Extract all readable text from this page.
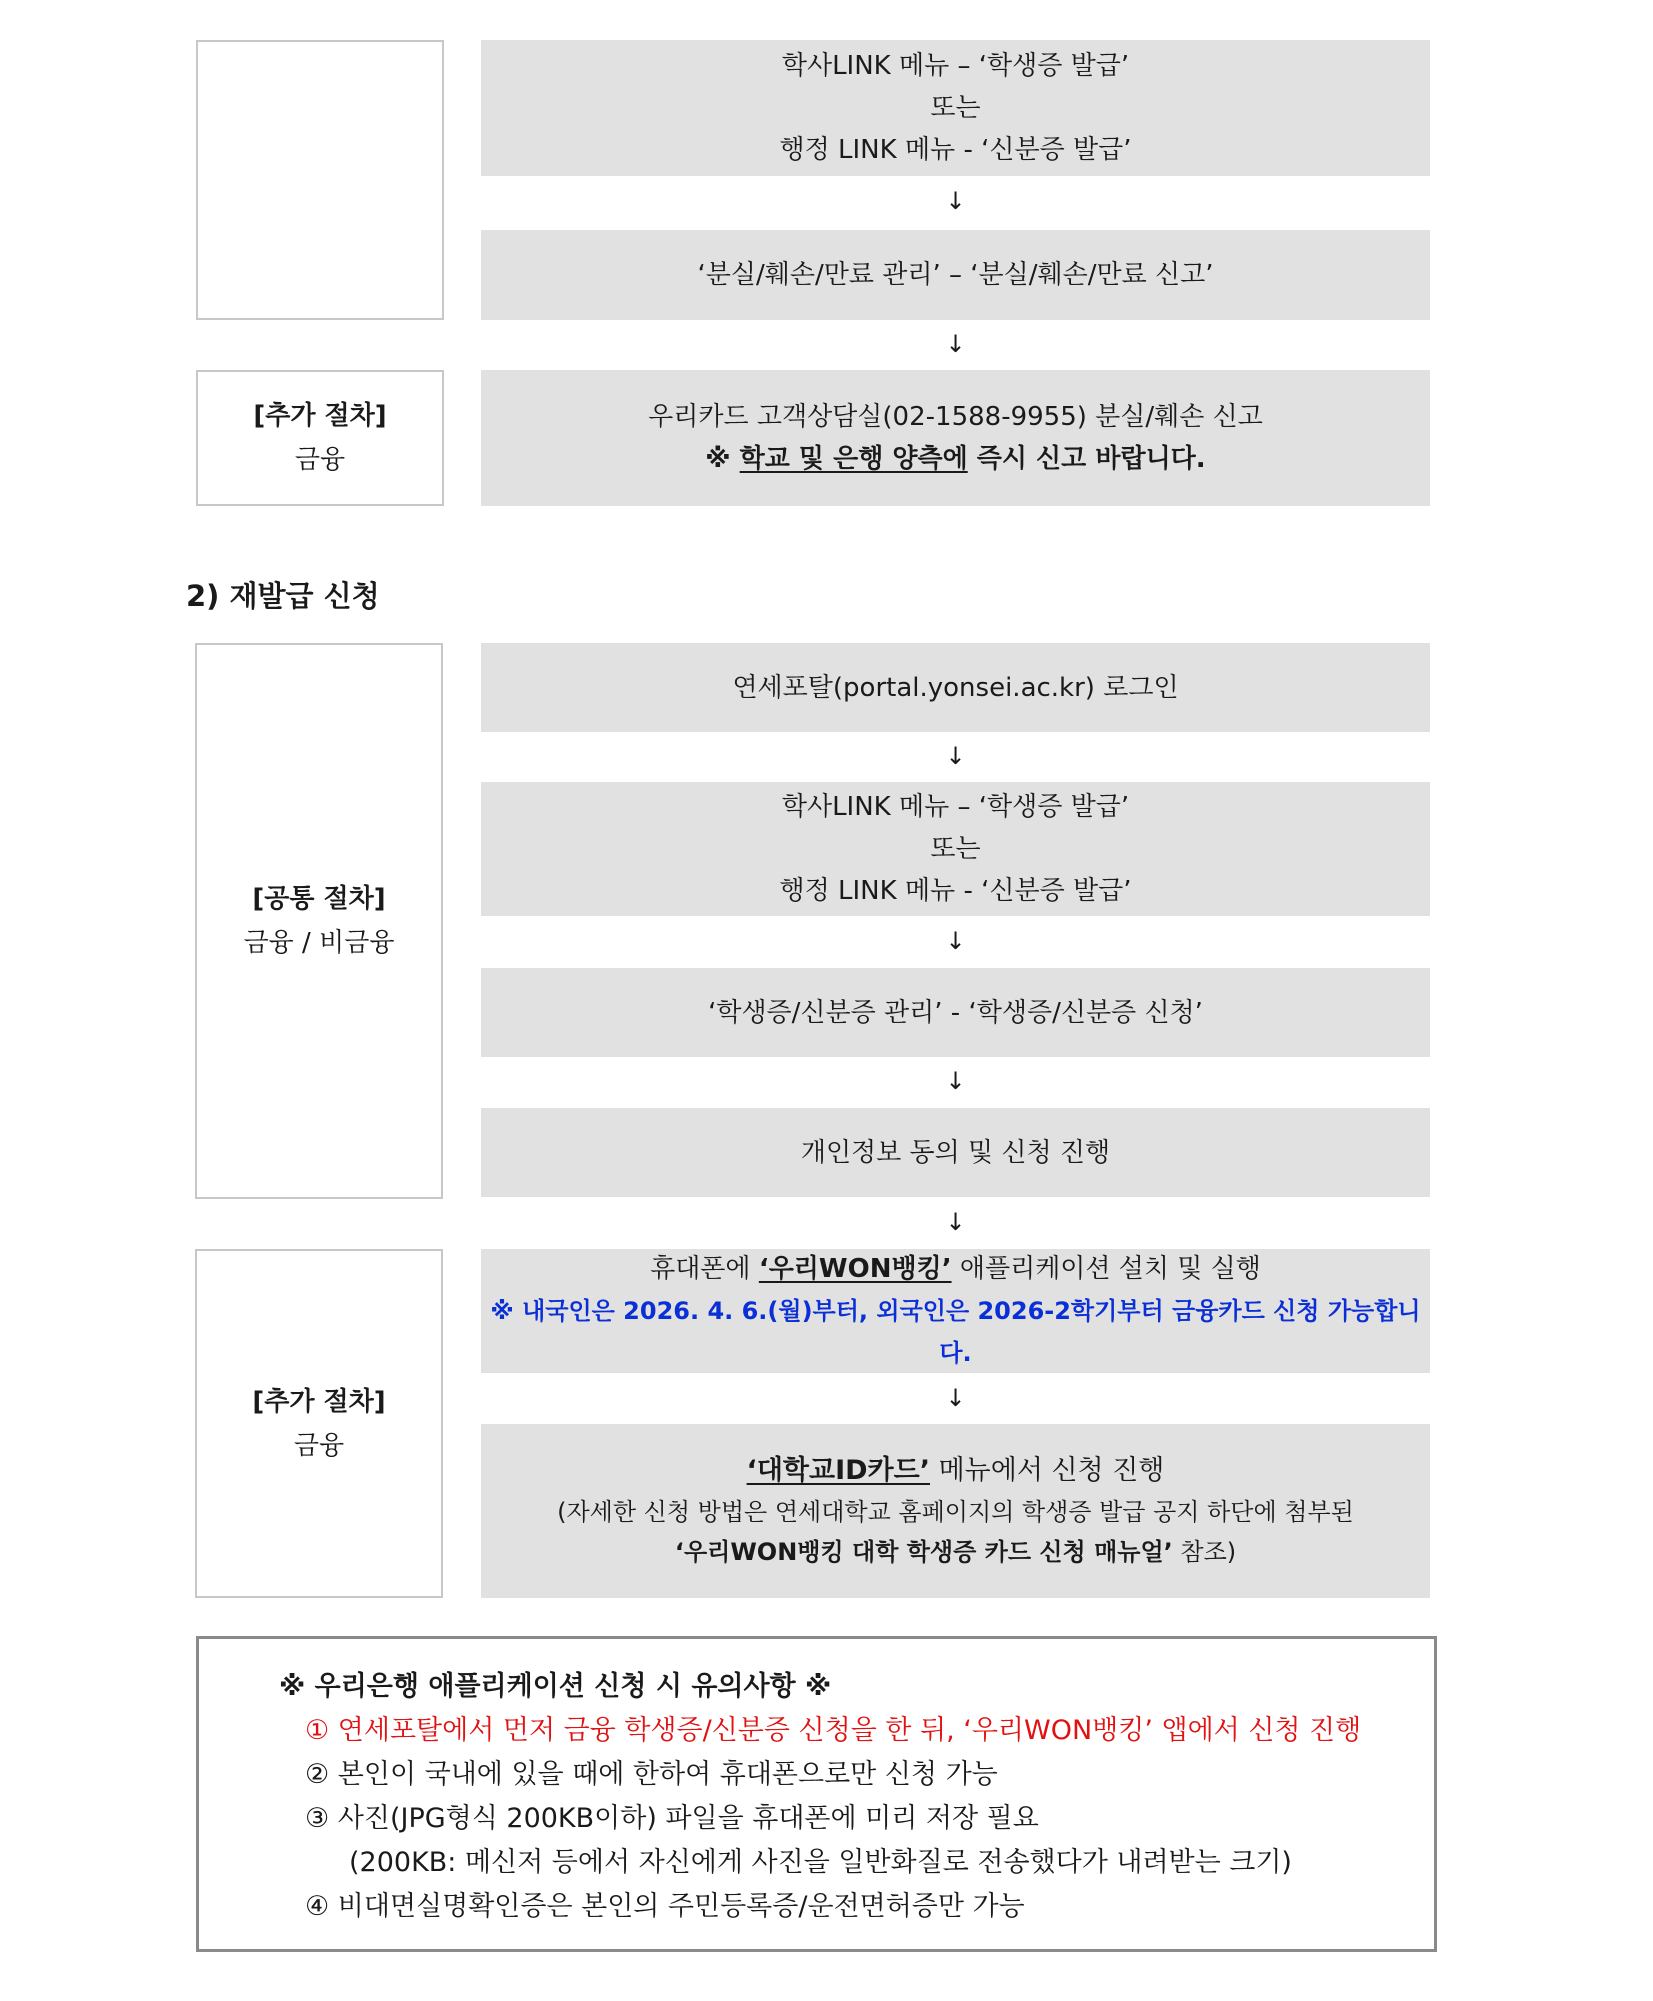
학사LINK 메뉴 – ‘학생증 발급’
또는
행정 LINK 메뉴 - ‘신분증 발급’
↓
‘분실/훼손/만료 관리’ – ‘분실/훼손/만료 신고’
↓
[추가 절차]
금융
우리카드 고객상담실(02-1588-9955) 분실/훼손 신고
※ 학교 및 은행 양측에 즉시 신고 바랍니다.
2) 재발급 신청
[공통 절차]
금융 / 비금융
연세포탈(portal.yonsei.ac.kr) 로그인
↓
학사LINK 메뉴 – ‘학생증 발급’
또는
행정 LINK 메뉴 - ‘신분증 발급’
↓
‘학생증/신분증 관리’ - ‘학생증/신분증 신청’
↓
개인정보 동의 및 신청 진행
↓
[추가 절차]
금융
휴대폰에 ‘우리WON뱅킹’ 애플리케이션 설치 및 실행
※ 내국인은 2026. 4. 6.(월)부터, 외국인은 2026-2학기부터 금융카드 신청 가능합니다.
↓
‘대학교ID카드’ 메뉴에서 신청 진행
(자세한 신청 방법은 연세대학교 홈페이지의 학생증 발급 공지 하단에 첨부된
‘우리WON뱅킹 대학 학생증 카드 신청 매뉴얼’ 참조)
※ 우리은행 애플리케이션 신청 시 유의사항 ※
① 연세포탈에서 먼저 금융 학생증/신분증 신청을 한 뒤, ‘우리WON뱅킹’ 앱에서 신청 진행
② 본인이 국내에 있을 때에 한하여 휴대폰으로만 신청 가능
③ 사진(JPG형식 200KB이하) 파일을 휴대폰에 미리 저장 필요
(200KB: 메신저 등에서 자신에게 사진을 일반화질로 전송했다가 내려받는 크기)
④ 비대면실명확인증은 본인의 주민등록증/운전면허증만 가능
